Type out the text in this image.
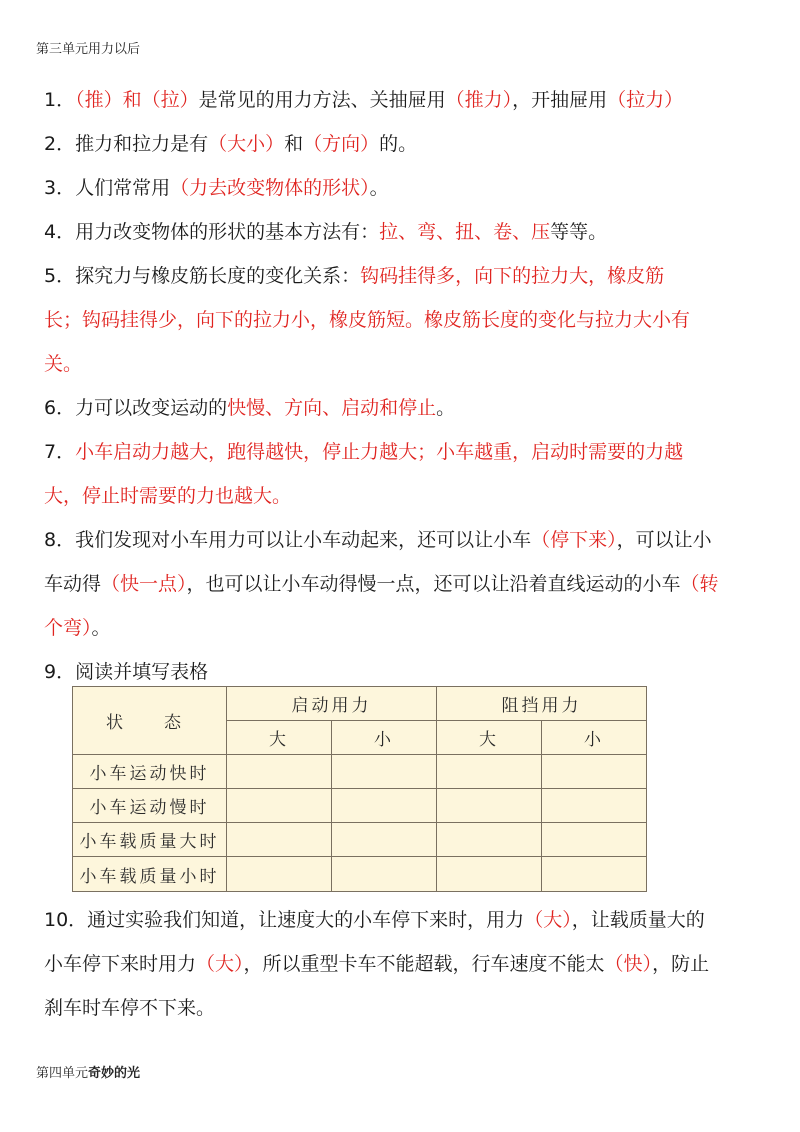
第三单元用力以后

1．（推）和（拉）是常见的用力方法、关抽屉用（推力），开抽屉用（拉力）

2．推力和拉力是有（大小）和（方向）的。

3．人们常常用（力去改变物体的形状）。

4．用力改变物体的形状的基本方法有：拉、弯、扭、卷、压等等。

5．探究力与橡皮筋长度的变化关系：钩码挂得多，向下的拉力大，橡皮筋

长；钩码挂得少，向下的拉力小，橡皮筋短。橡皮筋长度的变化与拉力大小有

关。

6．力可以改变运动的快慢、方向、启动和停止。

7．小车启动力越大，跑得越快，停止力越大；小车越重，启动时需要的力越

大，停止时需要的力也越大。

8．我们发现对小车用力可以让小车动起来，还可以让小车（停下来），可以让小

车动得（快一点），也可以让小车动得慢一点，还可以让沿着直线运动的小车（转

个弯）。

9．阅读并填写表格

状　态	启动用力		阻挡用力	
	大	小	大	小
小车运动快时				
小车运动慢时				
小车载质量大时				
小车载质量小时				

10．通过实验我们知道，让速度大的小车停下来时，用力（大），让载质量大的

小车停下来时用力（大），所以重型卡车不能超载，行车速度不能太（快），防止

刹车时车停不下来。

第四单元奇妙的光
